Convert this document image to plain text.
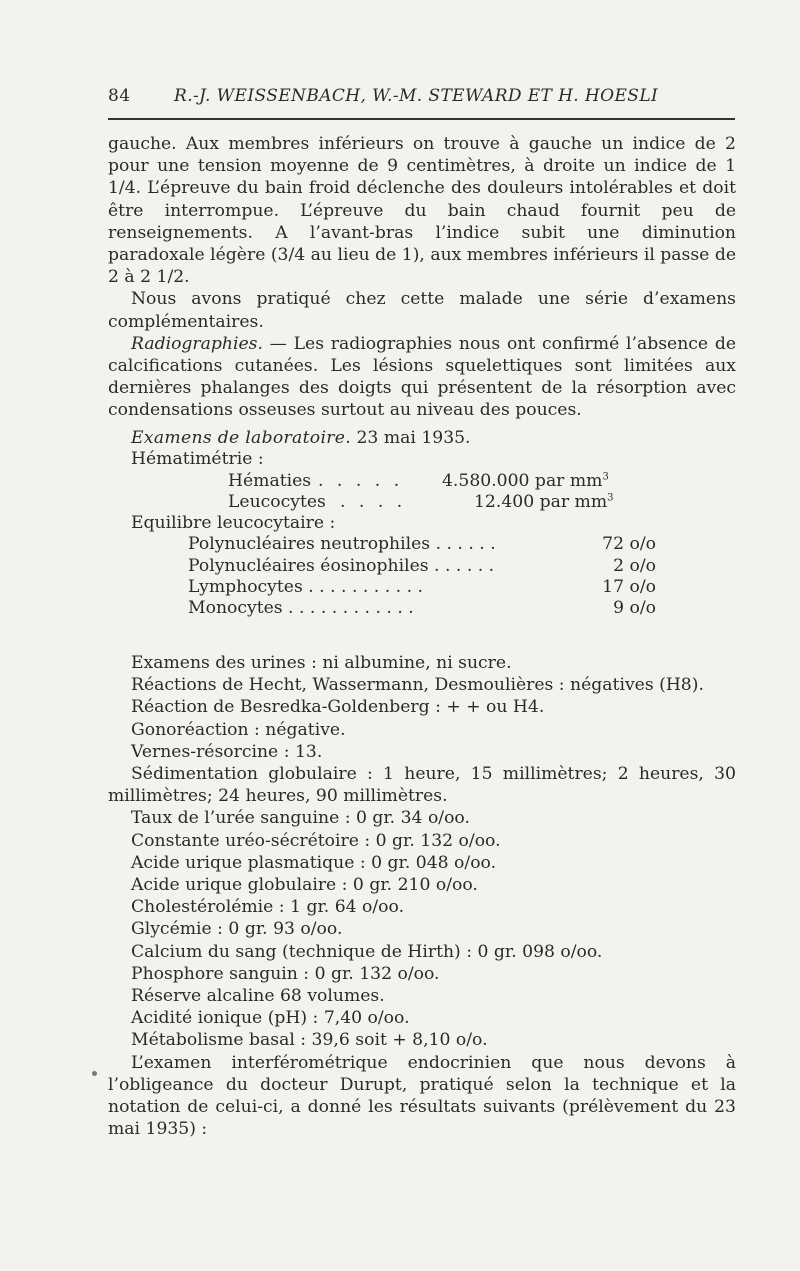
84	R.-J. WEISSENBACH, W.-M. STEWARD ET H. HOESLI

gauche. Aux membres inférieurs on trouve à gauche un indice de 2 pour une tension moyenne de 9 centimètres, à droite un indice de 1 1/4. L’épreuve du bain froid déclenche des douleurs intolérables et doit être interrompue. L’épreuve du bain chaud fournit peu de renseignements. A l’avant-bras l’indice subit une diminution paradoxale légère (3/4 au lieu de 1), aux membres inférieurs il passe de 2 à 2 1/2.

Nous avons pratiqué chez cette malade une série d’examens complémentaires.

Radiographies. — Les radiographies nous ont confirmé l’absence de calcifications cutanées. Les lésions squelettiques sont limitées aux dernières phalanges des doigts qui présentent de la résorption avec condensations osseuses surtout au niveau des pouces.

Examens de laboratoire. 23 mai 1935.
Hématimétrie :
Hématies . . . . . 4.580.000 par $mm^3$
Leucocytes . . . .	12.400 par $mm^3$
Equilibre leucocytaire :
Polynucléaires neutrophiles . . . . . .	72 o/o
Polynucléaires éosinophiles . . . . . .	2 o/o
Lymphocytes . . . . . . . . . . .	17 o/o
Monocytes . . . . . . . . . . . .	9 o/o

Examens des urines : ni albumine, ni sucre.

Réactions de Hecht, Wassermann, Desmoulières : négatives (H8).

Réaction de Besredka-Goldenberg : + + ou H4.

Gonoréaction : négative.

Vernes-résorcine : 13.

Sédimentation globulaire : 1 heure, 15 millimètres; 2 heures, 30 millimètres; 24 heures, 90 millimètres.

Taux de l’urée sanguine : 0 gr. 34 o/oo.

Constante uréo-sécrétoire : 0 gr. 132 o/oo.

Acide urique plasmatique : 0 gr. 048 o/oo.

Acide urique globulaire : 0 gr. 210 o/oo.

Cholestérolémie : 1 gr. 64 o/oo.

Glycémie : 0 gr. 93 o/oo.

Calcium du sang (technique de Hirth) : 0 gr. 098 o/oo.

Phosphore sanguin : 0 gr. 132 o/oo.

Réserve alcaline 68 volumes.

Acidité ionique (pH) : 7,40 o/oo.

Métabolisme basal : 39,6 soit + 8,10 o/o.

L’examen interférométrique endocrinien que nous devons à l’obligeance du docteur Durupt, pratiqué selon la technique et la notation de celui-ci, a donné les résultats suivants (prélèvement du 23 mai 1935) :
